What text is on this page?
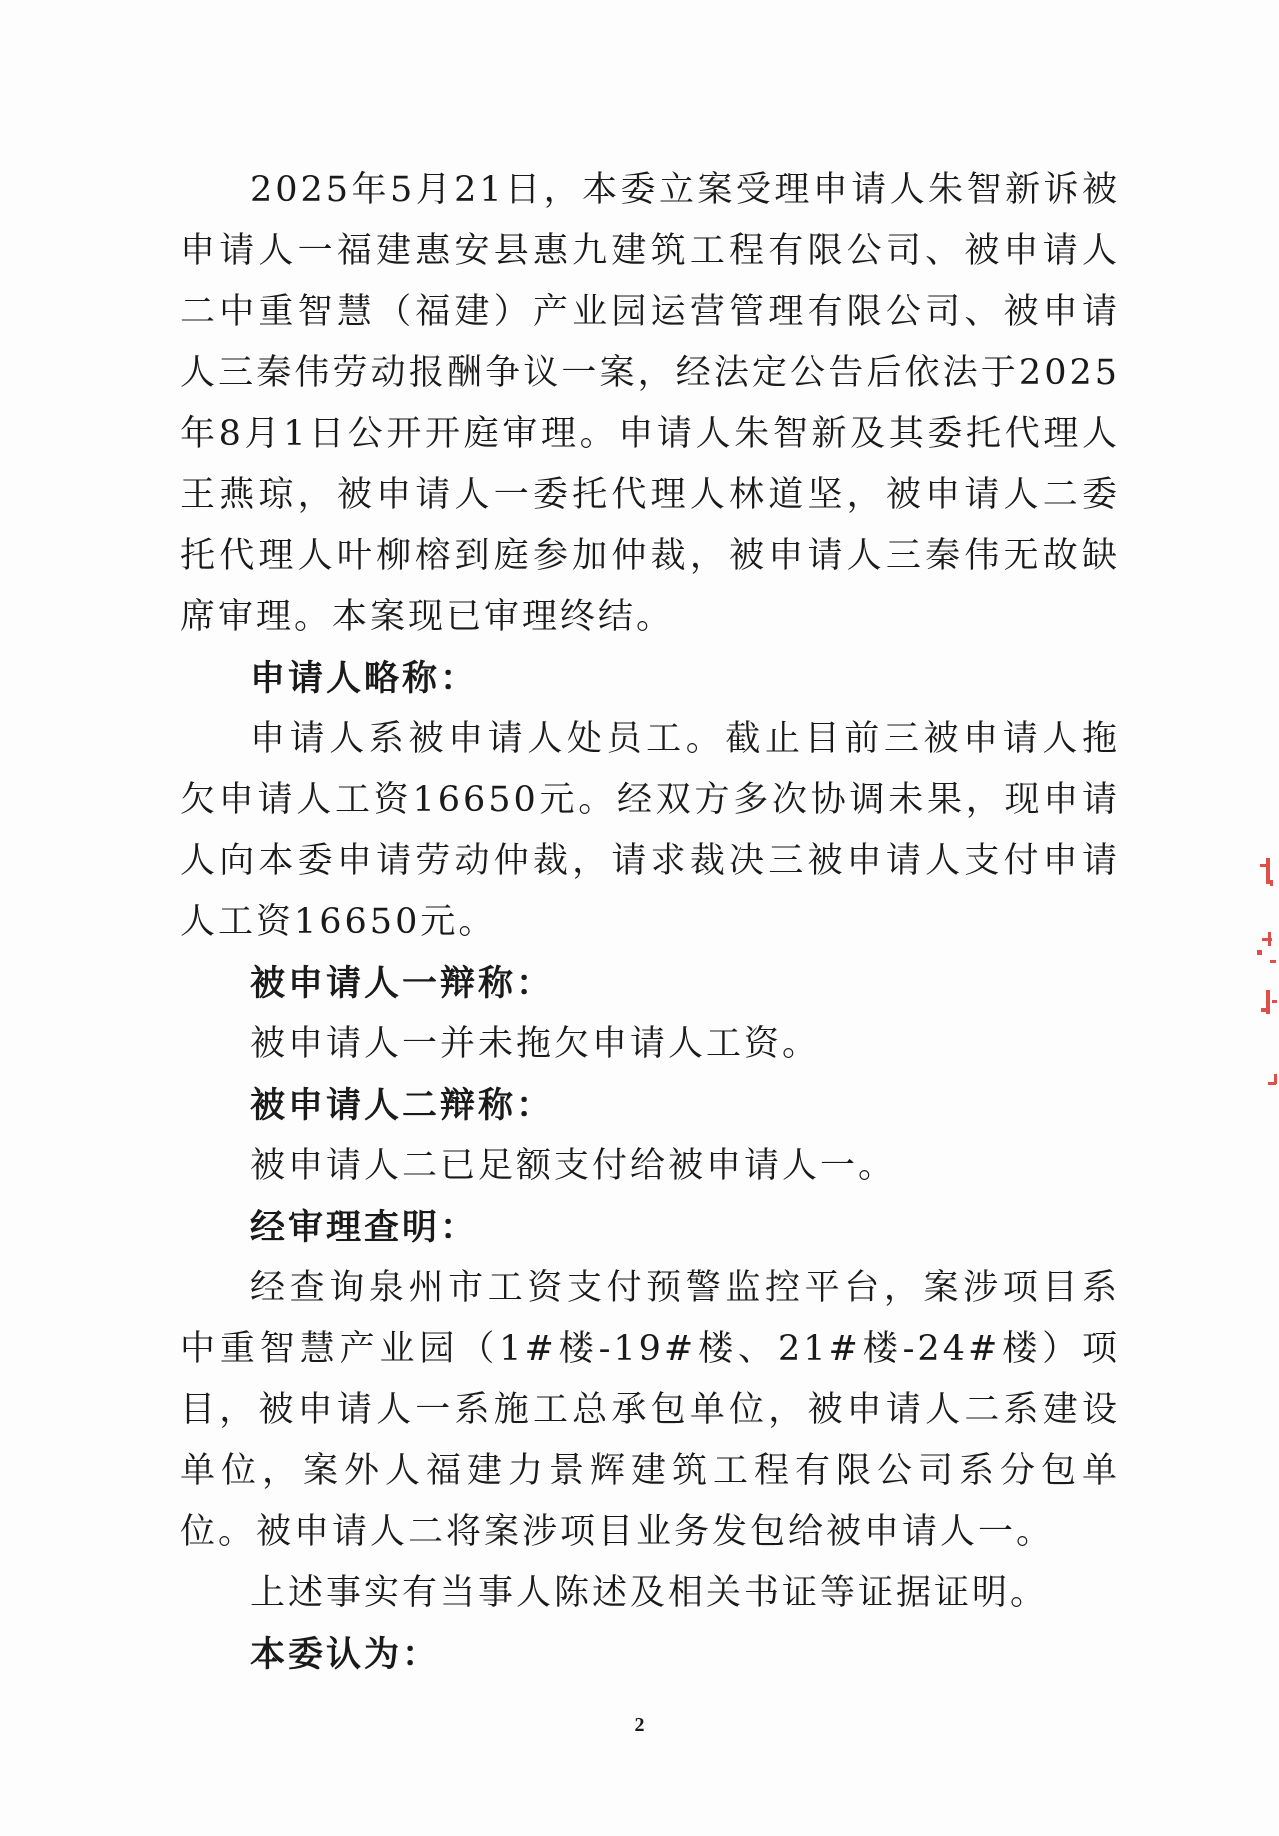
2025年5月21日，本委立案受理申请人朱智新诉被申请人一福建惠安县惠九建筑工程有限公司、被申请人二中重智慧（福建）产业园运营管理有限公司、被申请人三秦伟劳动报酬争议一案，经法定公告后依法于2025年8月1日公开开庭审理。申请人朱智新及其委托代理人王燕琼，被申请人一委托代理人林道坚，被申请人二委托代理人叶柳榕到庭参加仲裁，被申请人三秦伟无故缺席审理。本案现已审理终结。

申请人略称：

申请人系被申请人处员工。截止目前三被申请人拖欠申请人工资16650元。经双方多次协调未果，现申请人向本委申请劳动仲裁，请求裁决三被申请人支付申请人工资16650元。

被申请人一辩称：

被申请人一并未拖欠申请人工资。

被申请人二辩称：

被申请人二已足额支付给被申请人一。

经审理查明：

经查询泉州市工资支付预警监控平台，案涉项目系中重智慧产业园（1#楼-19#楼、21#楼-24#楼）项目，被申请人一系施工总承包单位，被申请人二系建设单位，案外人福建力景辉建筑工程有限公司系分包单位。被申请人二将案涉项目业务发包给被申请人一。

上述事实有当事人陈述及相关书证等证据证明。

本委认为：

2
